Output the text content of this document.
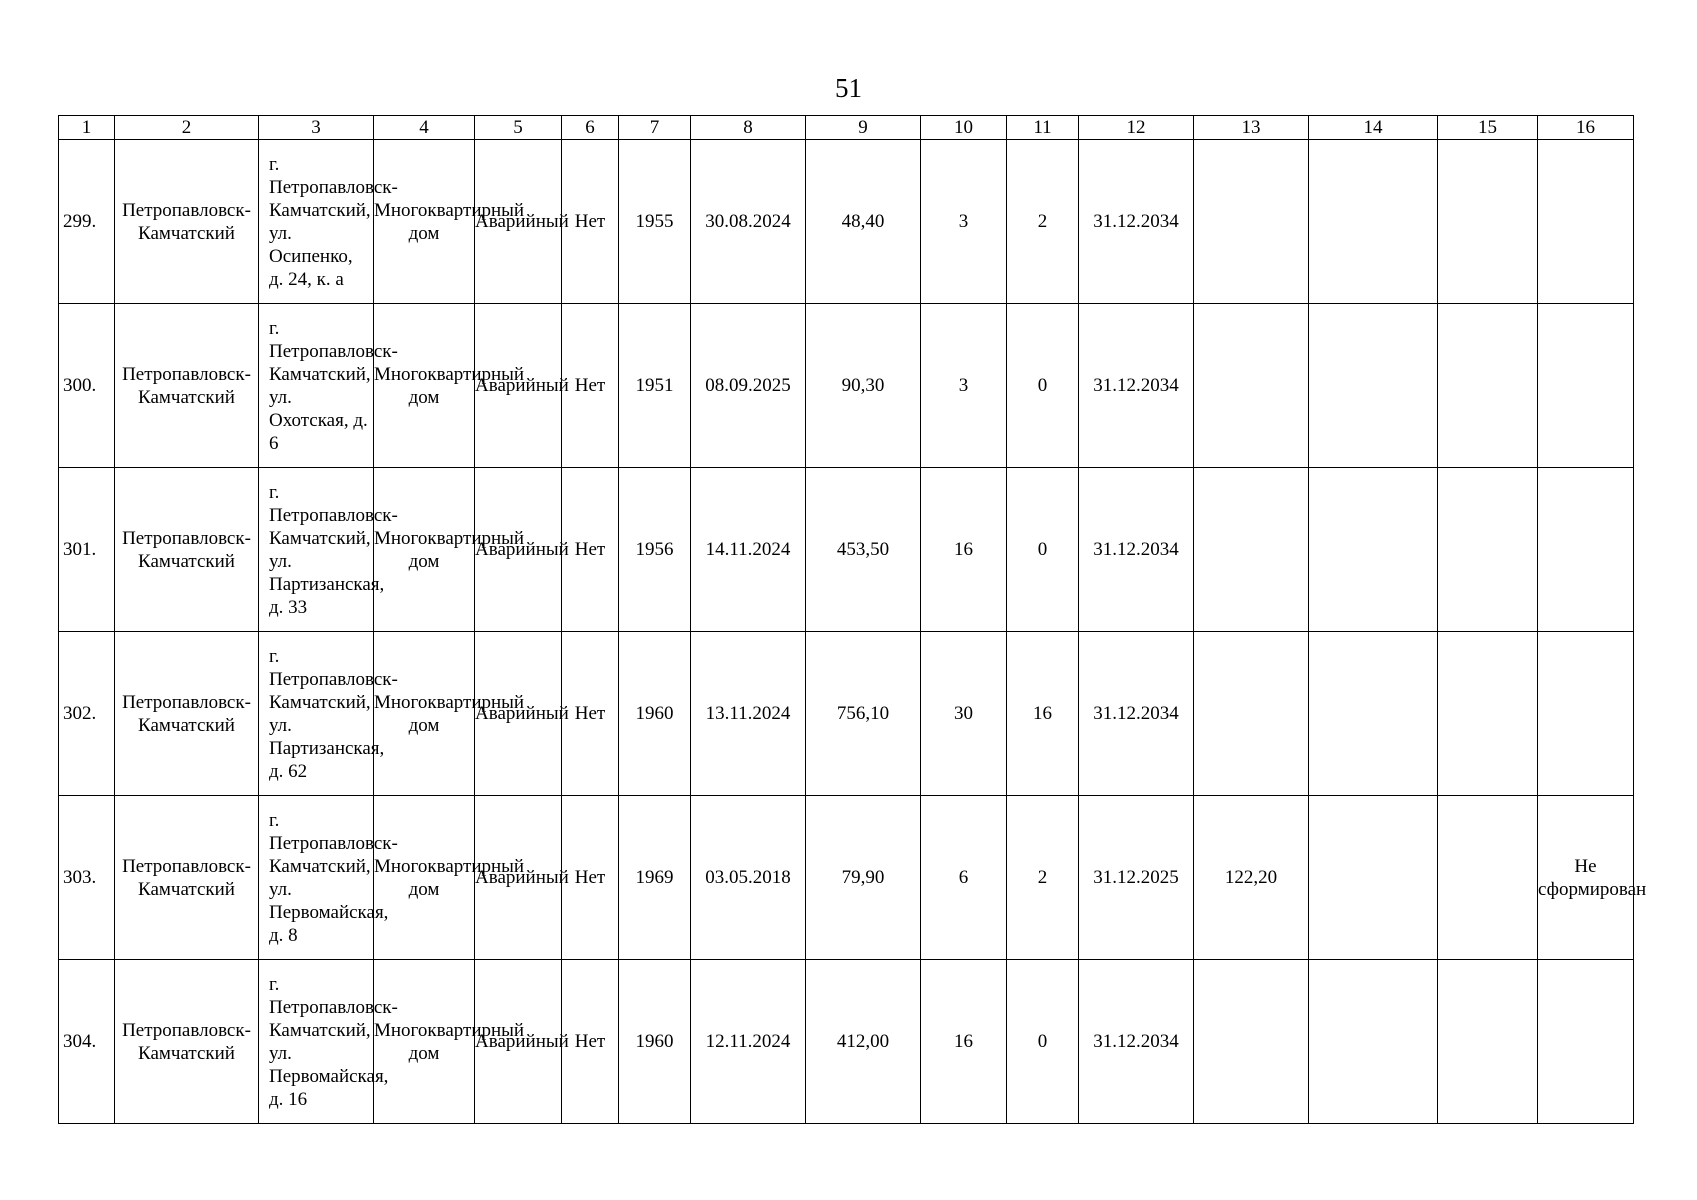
51
1	2	3	4	5	6	7	8	9	10	11	12	13	14	15	16
299.	Петропавловск-Камчатский	г. Петропавловск-Камчатский, ул. Осипенко, д. 24, к. а	Многоквартирный дом	Аварийный	Нет	1955	30.08.2024	48,40	3	2	31.12.2034				
300.	Петропавловск-Камчатский	г. Петропавловск-Камчатский, ул. Охотская, д. 6	Многоквартирный дом	Аварийный	Нет	1951	08.09.2025	90,30	3	0	31.12.2034				
301.	Петропавловск-Камчатский	г. Петропавловск-Камчатский, ул. Партизанская, д. 33	Многоквартирный дом	Аварийный	Нет	1956	14.11.2024	453,50	16	0	31.12.2034				
302.	Петропавловск-Камчатский	г. Петропавловск-Камчатский, ул. Партизанская, д. 62	Многоквартирный дом	Аварийный	Нет	1960	13.11.2024	756,10	30	16	31.12.2034				
303.	Петропавловск-Камчатский	г. Петропавловск-Камчатский, ул. Первомайская, д. 8	Многоквартирный дом	Аварийный	Нет	1969	03.05.2018	79,90	6	2	31.12.2025	122,20			Не сформирован
304.	Петропавловск-Камчатский	г. Петропавловск-Камчатский, ул. Первомайская, д. 16	Многоквартирный дом	Аварийный	Нет	1960	12.11.2024	412,00	16	0	31.12.2034				
